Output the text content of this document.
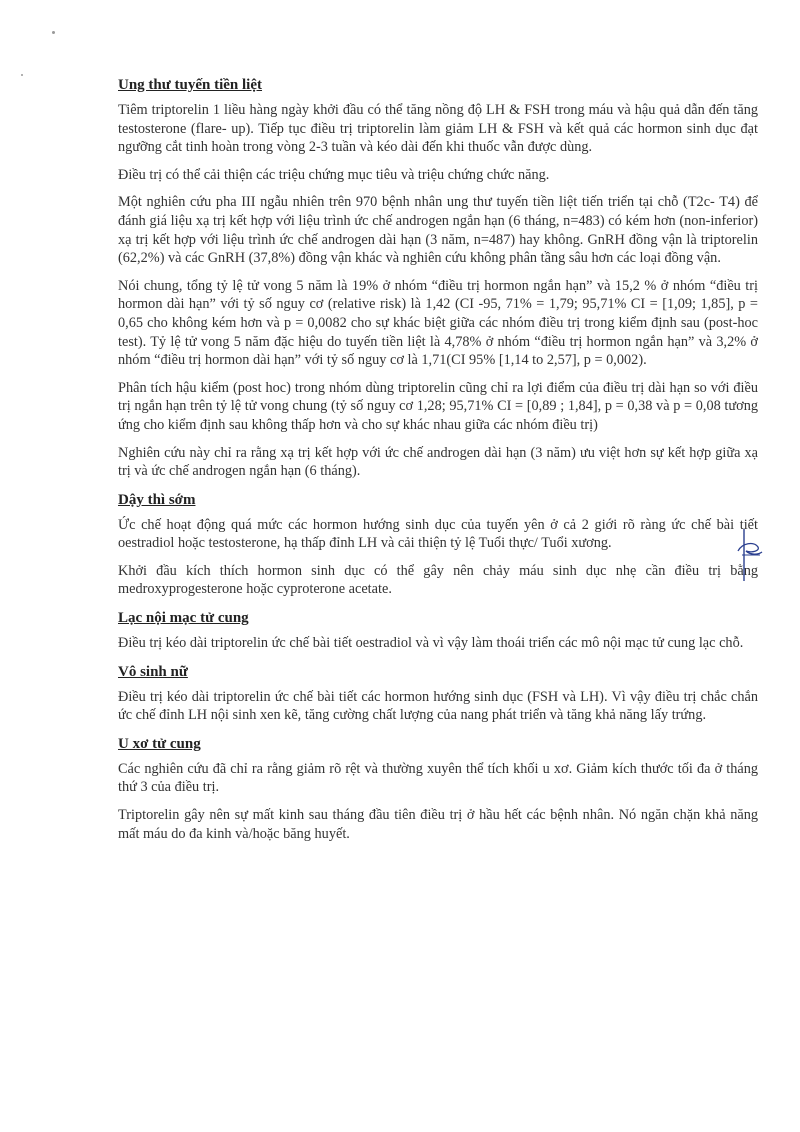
Ung thư tuyến tiền liệt

Tiêm triptorelin 1 liều hàng ngày khởi đầu có thể tăng nồng độ LH & FSH trong máu và hậu quả dẫn đến tăng testosterone (flare- up). Tiếp tục điều trị triptorelin làm giảm LH & FSH và kết quả các hormon sinh dục đạt ngưỡng cắt tinh hoàn trong vòng 2-3 tuần và kéo dài đến khi thuốc vẫn được dùng.

Điều trị có thể cải thiện các triệu chứng mục tiêu và triệu chứng chức năng.

Một nghiên cứu pha III ngẫu nhiên trên 970 bệnh nhân ung thư tuyến tiền liệt tiến triển tại chỗ (T2c- T4) để đánh giá liệu xạ trị kết hợp với liệu trình ức chế androgen ngắn hạn (6 tháng, n=483) có kém hơn (non-inferior) xạ trị kết hợp với liệu trình ức chế androgen dài hạn (3 năm, n=487) hay không. GnRH đồng vận là triptorelin (62,2%) và các GnRH (37,8%) đồng vận khác và nghiên cứu không phân tầng sâu hơn các loại đồng vận.

Nói chung, tổng tỷ lệ tử vong 5 năm là 19% ở nhóm “điều trị hormon ngắn hạn” và 15,2 % ở nhóm “điều trị hormon dài hạn” với tỷ số nguy cơ (relative risk) là 1,42 (CI -95, 71% = 1,79; 95,71% CI = [1,09; 1,85], p = 0,65 cho không kém hơn và p = 0,0082 cho sự khác biệt giữa các nhóm điều trị trong kiểm định sau (post-hoc test). Tỷ lệ tử vong 5 năm đặc hiệu do tuyến tiền liệt là 4,78% ở nhóm “điều trị hormon ngắn hạn” và 3,2% ở nhóm “điều trị hormon dài hạn” với tỷ số nguy cơ là 1,71(CI 95% [1,14 to 2,57], p = 0,002).

Phân tích hậu kiểm (post hoc) trong nhóm dùng triptorelin cũng chỉ ra lợi điểm của điều trị dài hạn so với điều trị ngắn hạn trên tỷ lệ tử vong chung (tỷ số nguy cơ 1,28; 95,71% CI = [0,89 ; 1,84], p = 0,38 và p = 0,08 tương ứng cho kiểm định sau không thấp hơn và cho sự khác nhau giữa các nhóm điều trị)

Nghiên cứu này chỉ ra rằng xạ trị kết hợp với ức chế androgen dài hạn (3 năm) ưu việt hơn sự kết hợp giữa xạ trị và ức chế androgen ngắn hạn (6 tháng).

Dậy thì sớm

Ức chế hoạt động quá mức các hormon hướng sinh dục của tuyến yên ở cả 2 giới rõ ràng ức chế bài tiết oestradiol hoặc testosterone, hạ thấp đỉnh LH và cải thiện tỷ lệ Tuổi thực/ Tuổi xương.

Khởi đầu kích thích hormon sinh dục có thể gây nên chảy máu sinh dục nhẹ cần điều trị bằng medroxyprogesterone hoặc cyproterone acetate.

Lạc nội mạc tử cung

Điều trị kéo dài triptorelin ức chế bài tiết oestradiol và vì vậy làm thoái triển các mô nội mạc tử cung lạc chỗ.

Vô sinh nữ

Điều trị kéo dài triptorelin ức chế bài tiết các hormon hướng sinh dục (FSH và LH). Vì vậy điều trị chắc chắn ức chế đỉnh LH nội sinh xen kẽ, tăng cường chất lượng của nang phát triển và tăng khả năng lấy trứng.

U xơ tử cung

Các nghiên cứu đã chỉ ra rằng giảm rõ rệt và thường xuyên thể tích khối u xơ. Giảm kích thước tối đa ở tháng thứ 3 của điều trị.

Triptorelin gây nên sự mất kinh sau tháng đầu tiên điều trị ở hầu hết các bệnh nhân. Nó ngăn chặn khả năng mất máu do đa kinh và/hoặc băng huyết.
